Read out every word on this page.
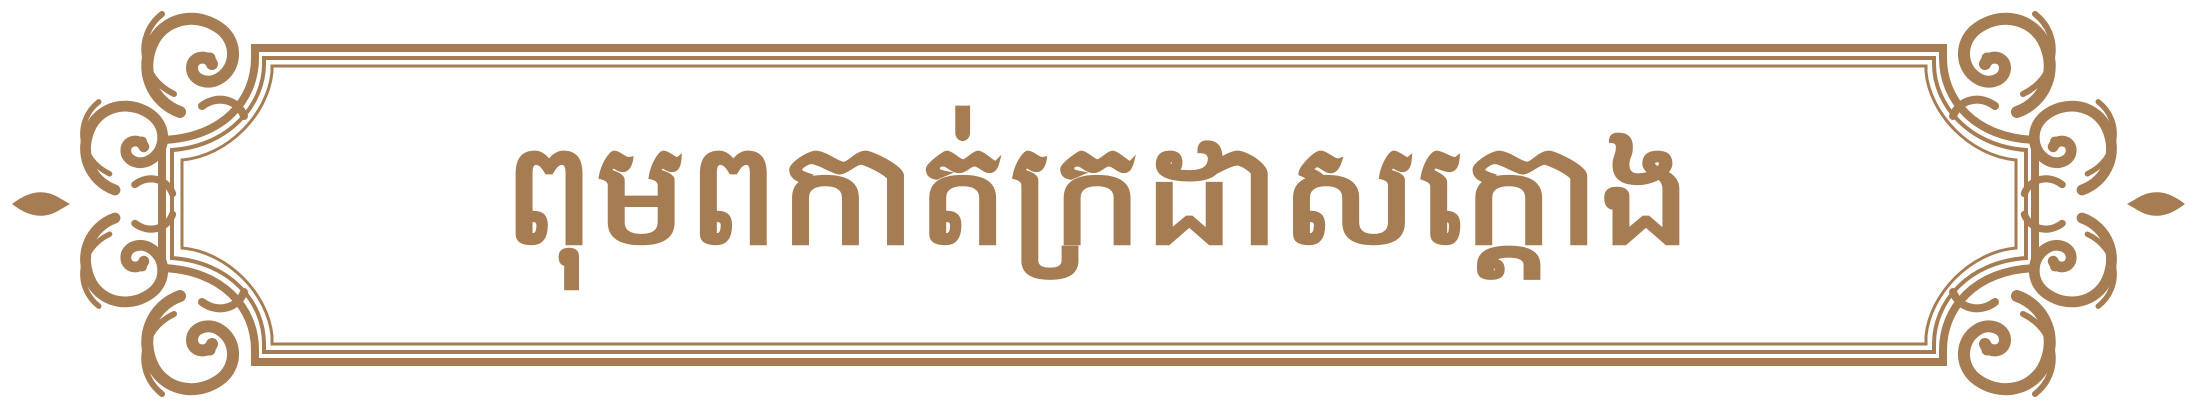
ពុមពកាត់ក្រដាសក្តោង
